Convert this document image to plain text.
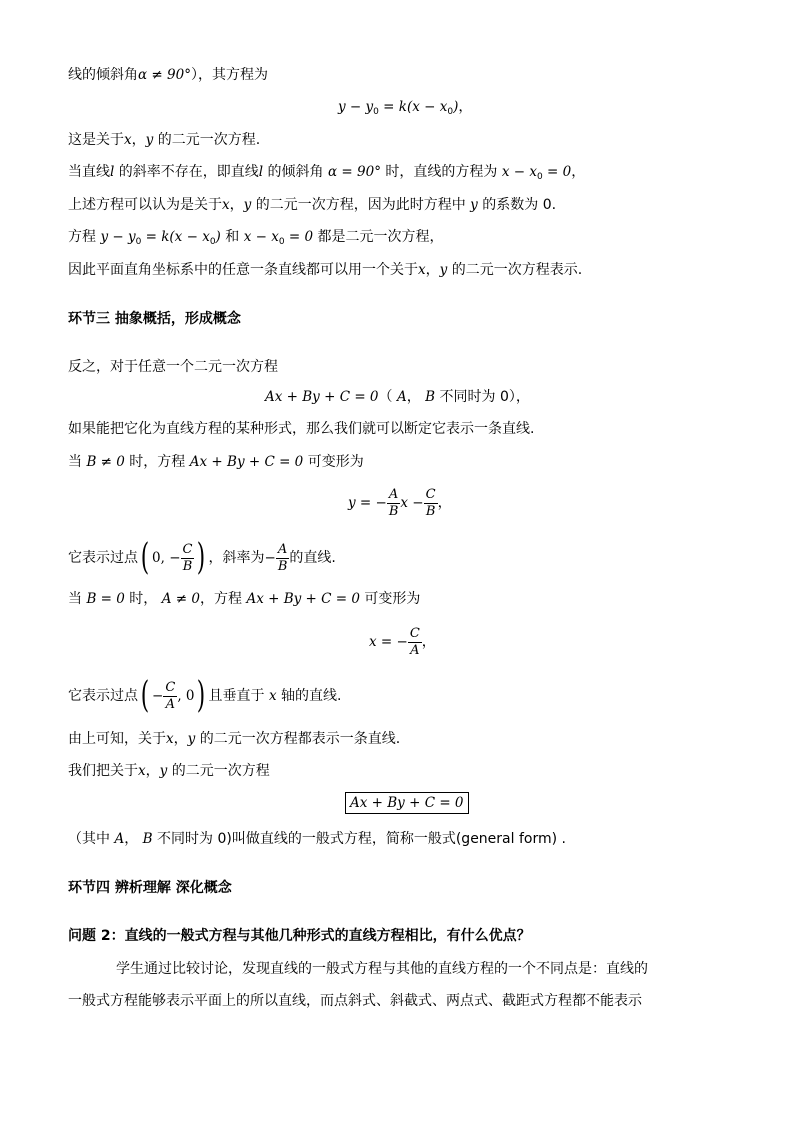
线的倾斜角α ≠ 90°），其方程为
$y - y_0 = k(x - x_0)$，
这是关于x，y 的二元一次方程.
当直线l 的斜率不存在，即直线l 的倾斜角 α = 90° 时，直线的方程为 $x - x_0 = 0$，
上述方程可以认为是关于x，y 的二元一次方程，因为此时方程中 y 的系数为 0.
方程 $y - y_0 = k(x - x_0)$ 和 $x - x_0 = 0$ 都是二元一次方程，
因此平面直角坐标系中的任意一条直线都可以用一个关于x，y 的二元一次方程表示.
环节三 抽象概括，形成概念
反之，对于任意一个二元一次方程
Ax + By + C = 0（ A， B 不同时为 0），
如果能把它化为直线方程的某种形式，那么我们就可以断定它表示一条直线.
当 B ≠ 0 时，方程 Ax + By + C = 0 可变形为
y = − $\frac{A}{B}$ $x - \frac{C}{B}$ ，
它表示过点( 0, − $\frac{C}{B}$ ) ，斜率为− $\frac{A}{B}$ 的直线.
当 B = 0 时， A ≠ 0，方程 Ax + By + C = 0 可变形为
x = − $\frac{C}{A}$ ，
它表示过点( − $\frac{C}{A}$ , 0) 且垂直于 x 轴的直线.
由上可知，关于x，y 的二元一次方程都表示一条直线.
我们把关于x，y 的二元一次方程
Ax + By + C = 0
（其中 A， B 不同时为 0)叫做直线的一般式方程，简称一般式(general form) .
环节四 辨析理解 深化概念
问题 2：直线的一般式方程与其他几种形式的直线方程相比，有什么优点？
学生通过比较讨论，发现直线的一般式方程与其他的直线方程的一个不同点是：直线的
一般式方程能够表示平面上的所以直线，而点斜式、斜截式、两点式、截距式方程都不能表示
